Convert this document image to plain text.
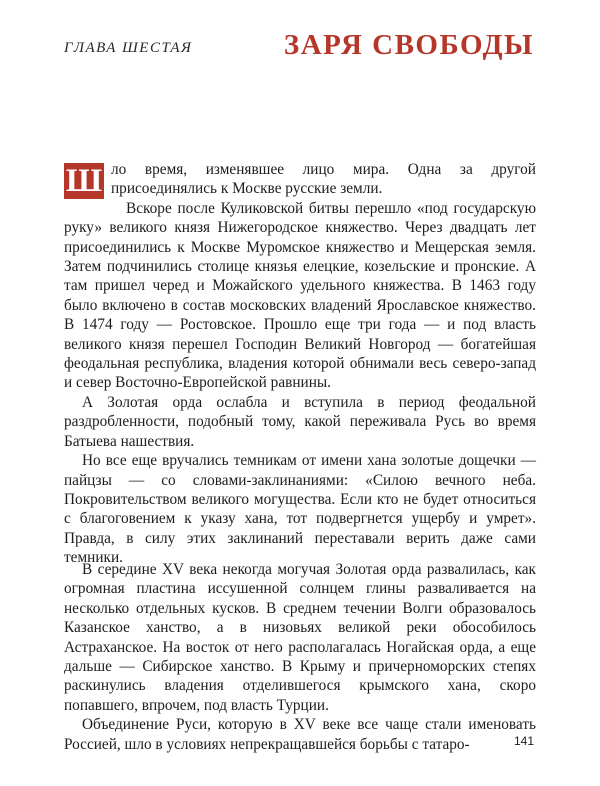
ГЛАВА ШЕСТАЯ	ЗАРЯ СВОБОДЫ

Ш ло время, изменявшее лицо мира. Одна за другой присоединялись к Москве русские земли.

Вскоре после Куликовской битвы перешло «под государскую руку» великого князя Нижегородское княжество. Через двадцать лет присоединились к Москве Муромское княжество и Мещерская земля. Затем подчинились столице князья елецкие, козельские и пронские. А там пришел черед и Можайского удельного княжества. В 1463 году было включено в состав московских владений Ярославское княжество. В 1474 году — Ростовское. Прошло еще три года — и под власть великого князя перешел Господин Великий Новгород — богатейшая феодальная республика, владения которой обнимали весь северо-запад и север Восточно-Европейской равнины.

А Золотая орда ослабла и вступила в период феодальной раздробленности, подобный тому, какой переживала Русь во время Батыева нашествия.

Но все еще вручались темникам от имени хана золотые дощечки — пайцзы — со словами-заклинаниями: «Силою вечного неба. Покровительством великого могущества. Если кто не будет относиться с благоговением к указу хана, тот подвергнется ущербу и умрет». Правда, в силу этих заклинаний переставали верить даже сами темники.

В середине XV века некогда могучая Золотая орда развалилась, как огромная пластина иссушенной солнцем глины разваливается на несколько отдельных кусков. В среднем течении Волги образовалось Казанское ханство, а в низовьях великой реки обособилось Астраханское. На восток от него располагалась Ногайская орда, а еще дальше — Сибирское ханство. В Крыму и причерноморских степях раскинулись владения отделившегося крымского хана, скоро попавшего, впрочем, под власть Турции.

Объединение Руси, которую в XV веке все чаще стали именовать Россией, шло в условиях непрекращавшейся борьбы с татаро-	141
